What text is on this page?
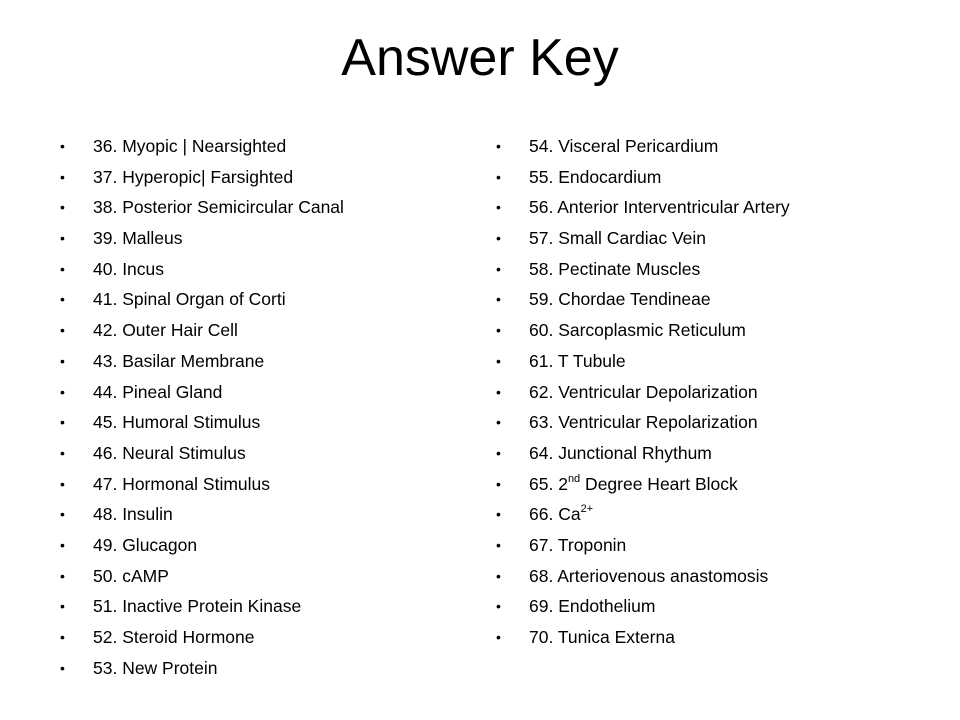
Answer Key
• 36. Myopic | Nearsighted
• 37. Hyperopic| Farsighted
• 38. Posterior Semicircular Canal
• 39. Malleus
• 40. Incus
• 41. Spinal Organ of Corti
• 42. Outer Hair Cell
• 43. Basilar Membrane
• 44. Pineal Gland
• 45. Humoral Stimulus
• 46. Neural Stimulus
• 47. Hormonal Stimulus
• 48. Insulin
• 49. Glucagon
• 50. cAMP
• 51. Inactive Protein Kinase
• 52. Steroid Hormone
• 53. New Protein
• 54. Visceral Pericardium
• 55. Endocardium
• 56. Anterior Interventricular Artery
• 57. Small Cardiac Vein
• 58. Pectinate Muscles
• 59. Chordae Tendineae
• 60. Sarcoplasmic Reticulum
• 61. T Tubule
• 62. Ventricular Depolarization
• 63. Ventricular Repolarization
• 64. Junctional Rhythum
• 65. 2nd Degree Heart Block
• 66. $Ca^{2+}$
• 67. Troponin
• 68. Arteriovenous anastomosis
• 69. Endothelium
• 70. Tunica Externa
